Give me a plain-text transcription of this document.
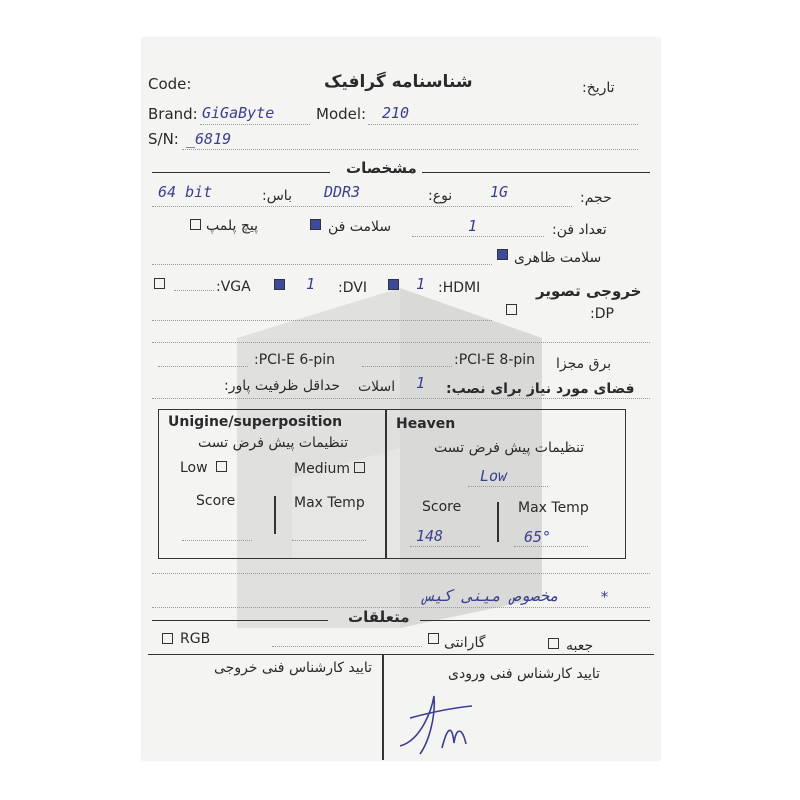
Code:	شناسنامه گرافیک	تاریخ:
Brand: GiGaByte	Model: 210
S/N: _6819
مشخصات
64 bit	باس: DDR3	نوع:	1G	حجم:
پیچ پلمپ	سلامت فن	1	تعداد فن:
سلامت ظاهری
:VGA	1 :DVI	1 :HDMI	خروجی تصویر
:DP
:PCI-E 6-pin	:PCI-E 8-pin برق مجزا
حداقل ظرفیت پاور: اسلات 1 فضای مورد نیاز برای نصب:
Unigine/superposition
تنظیمات پیش فرض تست
Low	Medium
Score	Max Temp
Heaven
تنظیمات پیش فرض تست
Low
Score	Max Temp
148	65°
مخصوص مینی کیس	*
متعلقات
RGB	گارانتی	جعبه
تایید کارشناس فنی خروجی	تایید کارشناس فنی ورودی
